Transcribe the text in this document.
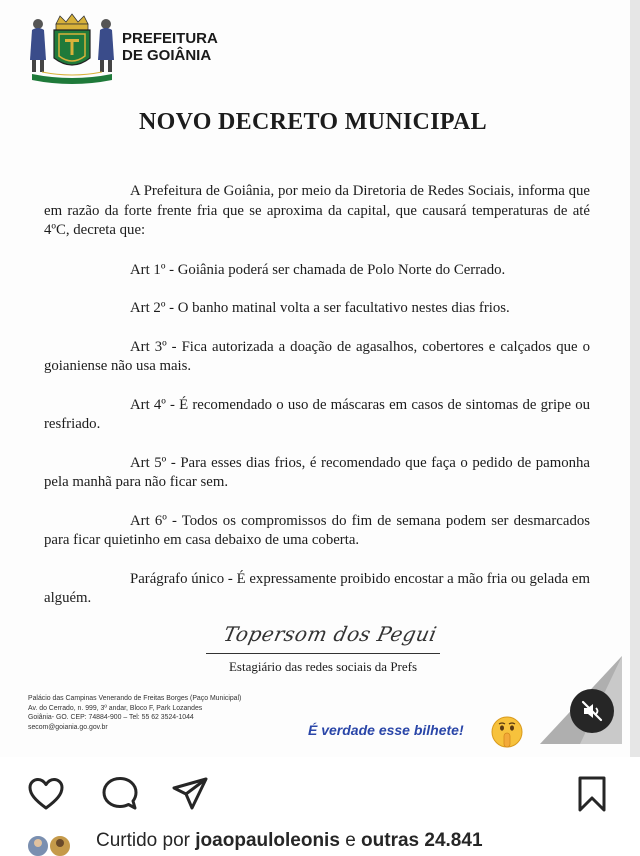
PREFEITURA
DE GOIÂNIA
NOVO DECRETO MUNICIPAL

A Prefeitura de Goiânia, por meio da Diretoria de Redes Sociais, informa que em razão da forte frente fria que se aproxima da capital, que causará temperaturas de até 4ºC, decreta que:

Art 1º - Goiânia poderá ser chamada de Polo Norte do Cerrado.

Art 2º - O banho matinal volta a ser facultativo nestes dias frios.

Art 3º - Fica autorizada a doação de agasalhos, cobertores e calçados que o goianiense não usa mais.

Art 4º - É recomendado o uso de máscaras em casos de sintomas de gripe ou resfriado.

Art 5º - Para esses dias frios, é recomendado que faça o pedido de pamonha pela manhã para não ficar sem.

Art 6º - Todos os compromissos do fim de semana podem ser desmarcados para ficar quietinho em casa debaixo de uma coberta.

Parágrafo único - É expressamente proibido encostar a mão fria ou gelada em alguém.

Topersom dos Pegui
Estagiário das redes sociais da Prefs
Palácio das Campinas Venerando de Freitas Borges (Paço Municipal)
Av. do Cerrado, n. 999, 3º andar, Bloco F, Park Lozandes
Goiânia- GO. CEP: 74884-900 – Tel: 55 62 3524-1044
secom@goiania.go.gov.br	É verdade esse bilhete!
Curtido por joaopauloleonis e outras 24.841
